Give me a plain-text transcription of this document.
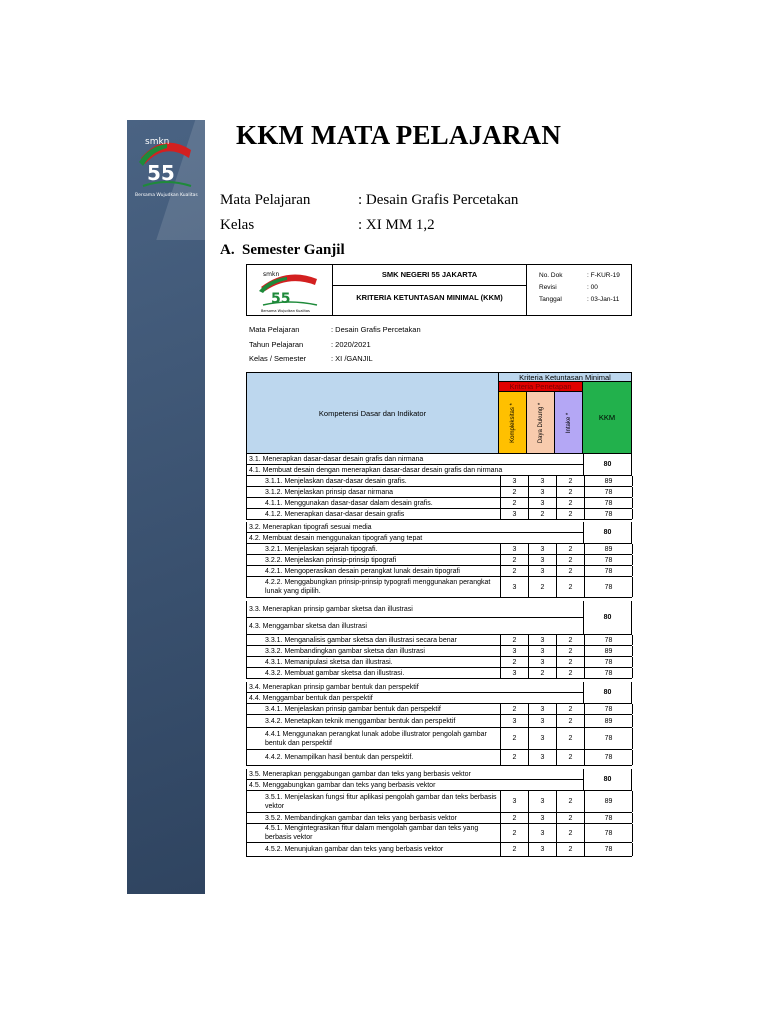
smkn
55
Bersama Wujudkan Kualitas
KKM MATA PELAJARAN
Mata Pelajaran	: Desain Grafis Percetakan
Kelas	: XI MM 1,2
A. Semester Ganjil
smkn
55
Bersama Wujudkan Kualitas
SMK NEGERI 55 JAKARTA
KRITERIA KETUNTASAN MINIMAL (KKM)
No. Dok	: F-KUR-19
Revisi	: 00
Tanggal	: 03-Jan-11
Mata Pelajaran	: Desain Grafis Percetakan
Tahun Pelajaran	: 2020/2021
Kelas / Semester	: XI /GANJIL
Kompetensi Dasar dan Indikator
Kriteria Ketuntasan Minimal
Kriteria Penetapan
Kompleksitas *	Daya Dukung *	Intake *	KKM
3.1. Menerapkan dasar-dasar desain grafis dan nirmana
4.1. Membuat desain dengan menerapkan dasar-dasar desain grafis dan nirmana
80
3.1.1. Menjelaskan dasar-dasar desain grafis.	3	3	2	89
3.1.2. Menjelaskan prinsip dasar nirmana	2	3	2	78
4.1.1. Menggunakan dasar-dasar dalam desain grafis.	2	3	2	78
4.1.2. Menerapkan dasar-dasar desain grafis	3	2	2	78
3.2. Menerapkan tipografi sesuai media
4.2. Membuat desain menggunakan tipografi yang tepat
80
3.2.1. Menjelaskan sejarah tipografi.	3	3	2	89
3.2.2. Menjelaskan prinsip-prinsip tipografi	2	3	2	78
4.2.1. Mengoperasikan desain perangkat lunak desain tipografi	2	3	2	78
4.2.2. Menggabungkan prinsip-prinsip typografi menggunakan perangkat lunak yang dipilih.
3	2	2	78
3.3. Menerapkan prinsip gambar sketsa dan illustrasi
4.3. Menggambar sketsa dan illustrasi
80
3.3.1. Menganalisis gambar sketsa dan illustrasi secara benar	2	3	2	78
3.3.2. Membandingkan gambar sketsa dan illustrasi	3	3	2	89
4.3.1. Memanipulasi sketsa dan illustrasi.	2	3	2	78
4.3.2. Membuat gambar sketsa dan illustrasi.	3	2	2	78
3.4. Menerapkan prinsip gambar bentuk dan perspektif
4.4. Menggambar bentuk dan perspektif
80
3.4.1. Menjelaskan prinsip gambar bentuk dan perspektif	2	3	2	78
3.4.2. Menetapkan teknik menggambar bentuk dan perspektif	3	3	2	89
4.4.1 Menggunakan perangkat lunak adobe illustrator pengolah gambar bentuk dan perspektif
2	3	2	78
4.4.2. Menampilkan hasil bentuk dan perspektif.	2	3	2	78
3.5. Menerapkan penggabungan gambar dan teks yang berbasis vektor
4.5. Menggabungkan gambar dan teks yang berbasis vektor
80
3.5.1. Menjelaskan fungsi fitur aplikasi pengolah gambar dan teks berbasis vektor
3	3	2	89
3.5.2. Membandingkan gambar dan teks yang berbasis vektor	2	3	2	78
4.5.1. Mengintegrasikan fitur dalam mengolah gambar dan teks yang berbasis vektor
2	3	2	78
4.5.2. Menunjukan gambar dan teks yang berbasis vektor	2	3	2	78
